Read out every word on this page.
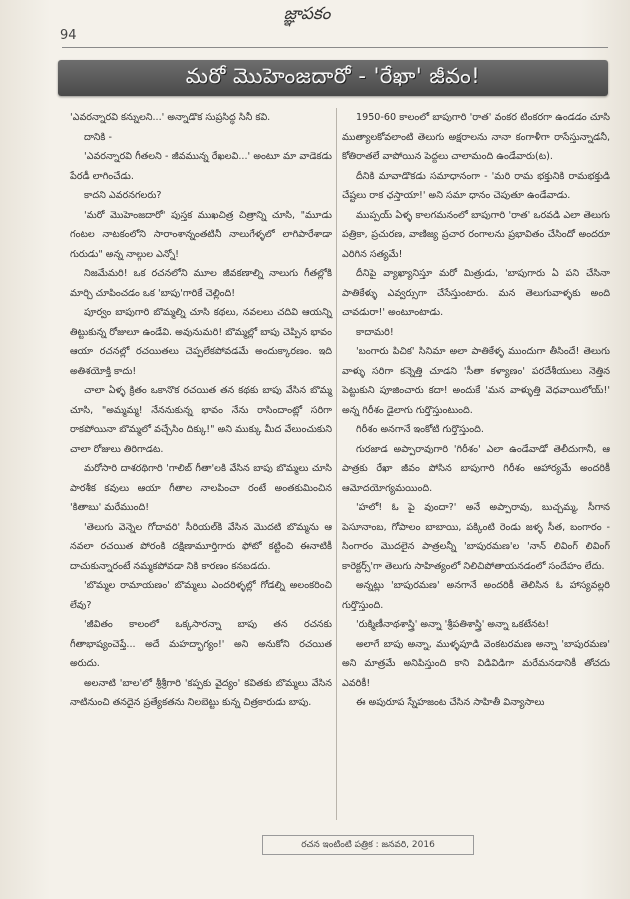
94
జ్ఞాపకం
మరో మొహెంజదారో - 'రేఖా' జీవం!

'ఎవరన్నారవి కన్నులని...' అన్నాడొక సుప్రసిద్ధ సినీ కవి.

దానికి -

'ఎవరన్నారవి గీతలని - జీవమున్న రేఖలవి...' అంటూ మా వాడెకడు పేరడీ లాగించేడు.

కాదని ఎవరనగలరు?

'మరో మొహెంజదారో' పుస్తక ముఖచిత్ర చిత్రాన్ని చూసి, "మూడు గంటల నాటకంలోని సారాంశాన్నంతటినీ నాలుగేళ్ళలో లాగిపారేశాడా గురుడు" అన్న నాల్గుల ఎన్నో!

నిజమేమరి! ఒక రచనలోని మూల జీవకణాల్ని నాలుగు గీతల్లోకి మార్చి చూపించడం ఒక 'బాపు'గారికే చెల్లింది!

పూర్వం బాపుగారి బొమ్మల్ని చూసి కథలు, నవలలు చదివి ఆయన్ని తిట్టుకున్న రోజులూ ఉండేవి. అవునుమరి! బొమ్మల్లో బాపు చెప్పిన భావం ఆయా రచనల్లో రచయితలు చెప్పలేకపోవడమే అందుక్కారణం. ఇది అతిశయోక్తి కాదు!

చాలా ఏళ్ళ క్రితం ఒకానొక రచయిత తన కథకు బాపు వేసిన బొమ్మ చూసి, "అమ్మమ్మ! నేననుకున్న భావం నేను రాసిందాంట్లో సరిగా రాకపోయినా బొమ్మలో వచ్చేసిం దిక్కు!" అని ముక్కు మీద వేలుంచుకుని చాలా రోజులు తిరిగాడట.

మరోసారి దాశరథిగారి 'గాలిబ్ గీతా'లకి వేసిన బాపు బొమ్మలు చూసి పారశీక కవులు ఆయా గీతాల నాలపించా రంటే అంతకుమించిన 'కితాబు' మరేముంది!

'తెలుగు వెన్నెల గోదావరి' సీరియల్‌కి వేసిన మొదటి బొమ్మను ఆ నవలా రచయిత పోరంకి దక్షిణామూర్తిగారు ఫోటో కట్టించి ఈనాటికీ దాచుకున్నారంటే నమ్మకపోవడా నికి కారణం కనబడదు.

'బొమ్మల రామాయణం' బొమ్మలు ఎందరిళ్ళల్లో గోడల్ని అలంకరించి లేవు?

'జీవితం కాలంలో ఒక్కసారన్నా బాపు తన రచనకు గీతాభాష్యంచెప్తే... అదే మహద్భాగ్యం!' అని అనుకోని రచయిత అరుదు.

అలనాటి 'బాల'లో శ్రీశ్రీగారి 'కప్పకు వైద్యం' కవితకు బొమ్మలు వేసిన నాటినుంచి తనదైన ప్రత్యేకతను నిలబెట్టు కున్న చిత్రకారుడు బాపు.

1950-60 కాలంలో బాపుగారి 'రాత' వంకర టింకరగా ఉండడం చూసి ముత్యాలకోవలాంటి తెలుగు అక్షరాలను నానా కంగాళీగా రాసేస్తున్నాడనీ, కోతిరాతలే వాపోయిన పెద్దలు చాలామంది ఉండేవారు(ట).

దీనికి మావాడొకడు సమాధానంగా - 'మరి రామ భక్తునికి రామభక్తుడి చేష్టలు రాక ఛస్తాయా!' అని సమా ధానం చెపుతూ ఉండేవాడు.

ముప్పయ్ ఏళ్ళ కాలగమనంలో బాపుగారి 'రాత' ఒరవడి ఎలా తెలుగు పత్రికా, ప్రచురణ, వాణిజ్య ప్రచార రంగాలను ప్రభావితం చేసిందో అందరూ ఎరిగిన సత్యమే!

దీనిపై వ్యాఖ్యానిస్తూ మరో మిత్రుడు, 'బాపుగారు ఏ పని చేసినా పాతికేళ్ళు ఎవ్వర్సుగా చేసేస్తుంటారు. మన తెలుగువాళ్ళకు అంది చావడురా!' అంటూంటాడు.

కాదామరి!

'బంగారు పిచిక' సినిమా అలా పాతికేళ్ళ ముందుగా తీసిందే! తెలుగు వాళ్ళు సరిగా కన్నెత్తి చూడని 'సీతా కళ్యాణం' పరదేశీయులు నెత్తిన పెట్టుకుని పూజించారు కదా! అందుకే 'మన వాళ్ళుత్తి వెధవాయిలోయ్!' అన్న గిరీశం డైలాగు గుర్తొస్తుంటుంది.

గిరీశం అనగానే ఇంకోటి గుర్తొస్తుంది.

గురజాడ అప్పారావుగారి 'గిరీశం' ఎలా ఉండేవాడో తెలీదుగానీ, ఆ పాత్రకు రేఖా జీవం పోసిన బాపుగారి గిరీశం ఆహార్యమే అందరికీ ఆమోదయోగ్యమయింది.

'హలో! ఓ పై వుందా?' అనే అప్పారావు, బుచ్చమ్మ, సీగాన పెసూనాంబ, గోపాలం బాబాయి, పక్కింటి రెండు జళ్ళ సీత, బంగారం - సింగారం మొదలైన పాత్రలన్నీ 'బాపురమణ'ల 'నాన్ లివింగ్ లివింగ్ కారెక్టర్స్'గా తెలుగు సాహిత్యంలో నిలిచిపోతాయనడంలో సందేహం లేదు.

అన్నట్లు 'బాపురమణ' అనగానే అందరికీ తెలిసిన ఓ హాస్యవల్లరి గుర్తొస్తుంది.

'రుక్మిణీనాథశాస్త్రి' అన్నా 'శ్రీపతిశాస్త్రి' అన్నా ఒకటేనట!

అలాగే బాపు అన్నా, ముళ్ళపూడి వెంకటరమణ అన్నా 'బాపురమణ' అని మాత్రమే అనిపిస్తుంది కాని విడివిడిగా మరేమనడానికీ తోచదు ఎవరికీ!

ఈ అపురూప స్నేహజంట చేసిన సాహితీ విన్యాసాలు

రచన ఇంటింటి పత్రిక : జనవరి, 2016
